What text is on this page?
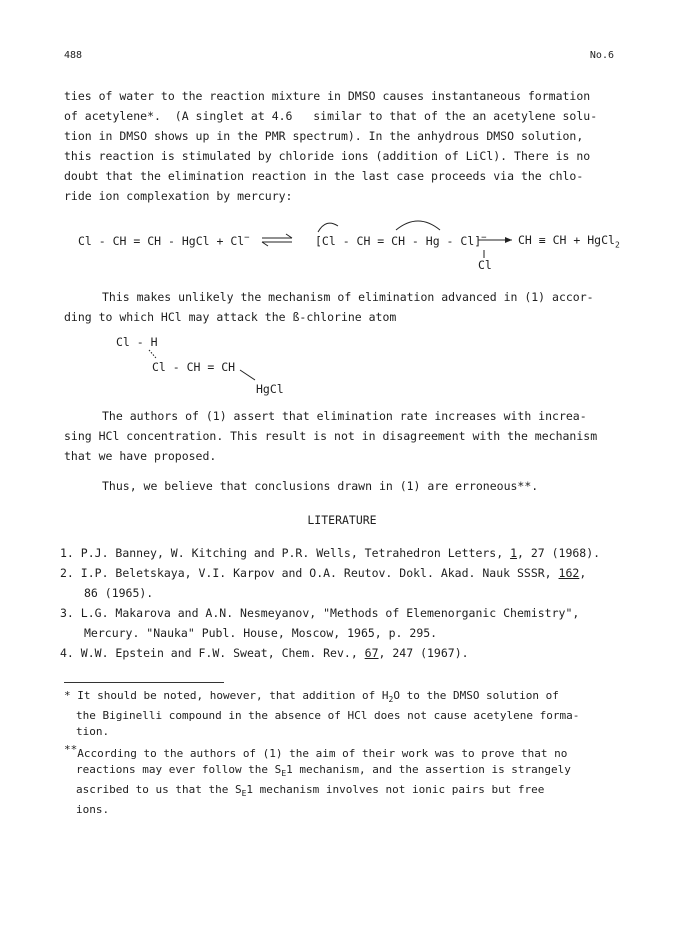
488	No.6
ties of water to the reaction mixture in DMSO causes instantaneous formation
of acetylene*.  (A singlet at 4.6   similar to that of the an acetylene solu-
tion in DMSO shows up in the PMR spectrum). In the anhydrous DMSO solution,
this reaction is stimulated by chloride ions (addition of LiCl). There is no
doubt that the elimination reaction in the last case proceeds via the chlo-
ride ion complexation by mercury:
Cl - CH = CH - HgCl + Cl−	[Cl - CH = CH - Hg - Cl]−
Cl
CH ≡ CH + HgCl$_2$
This makes unlikely the mechanism of elimination advanced in (1) accor-
ding to which HCl may attack the ß-chlorine atom
Cl - H
Cl - CH = CH
HgCl
The authors of (1) assert that elimination rate increases with increa-
sing HCl concentration. This result is not in disagreement with the mechanism
that we have proposed.
Thus, we believe that conclusions drawn in (1) are erroneous**.
LITERATURE
1. P.J. Banney, W. Kitching and P.R. Wells, Tetrahedron Letters, 1, 27 (1968).
2. I.P. Beletskaya, V.I. Karpov and O.A. Reutov. Dokl. Akad. Nauk SSSR, 162,
86 (1965).
3. L.G. Makarova and A.N. Nesmeyanov, "Methods of Elemenorganic Chemistry",
Mercury. "Nauka" Publ. House, Moscow, 1965, p. 295.
4. W.W. Epstein and F.W. Sweat, Chem. Rev., 67, 247 (1967).
* It should be noted, however, that addition of $H_2O$ to the DMSO solution of
the Biginelli compound in the absence of HCl does not cause acetylene forma-
tion.
**According to the authors of (1) the aim of their work was to prove that no
reactions may ever follow the $S_E1$ mechanism, and the assertion is strangely
ascribed to us that the $S_E1$ mechanism involves not ionic pairs but free
ions.
